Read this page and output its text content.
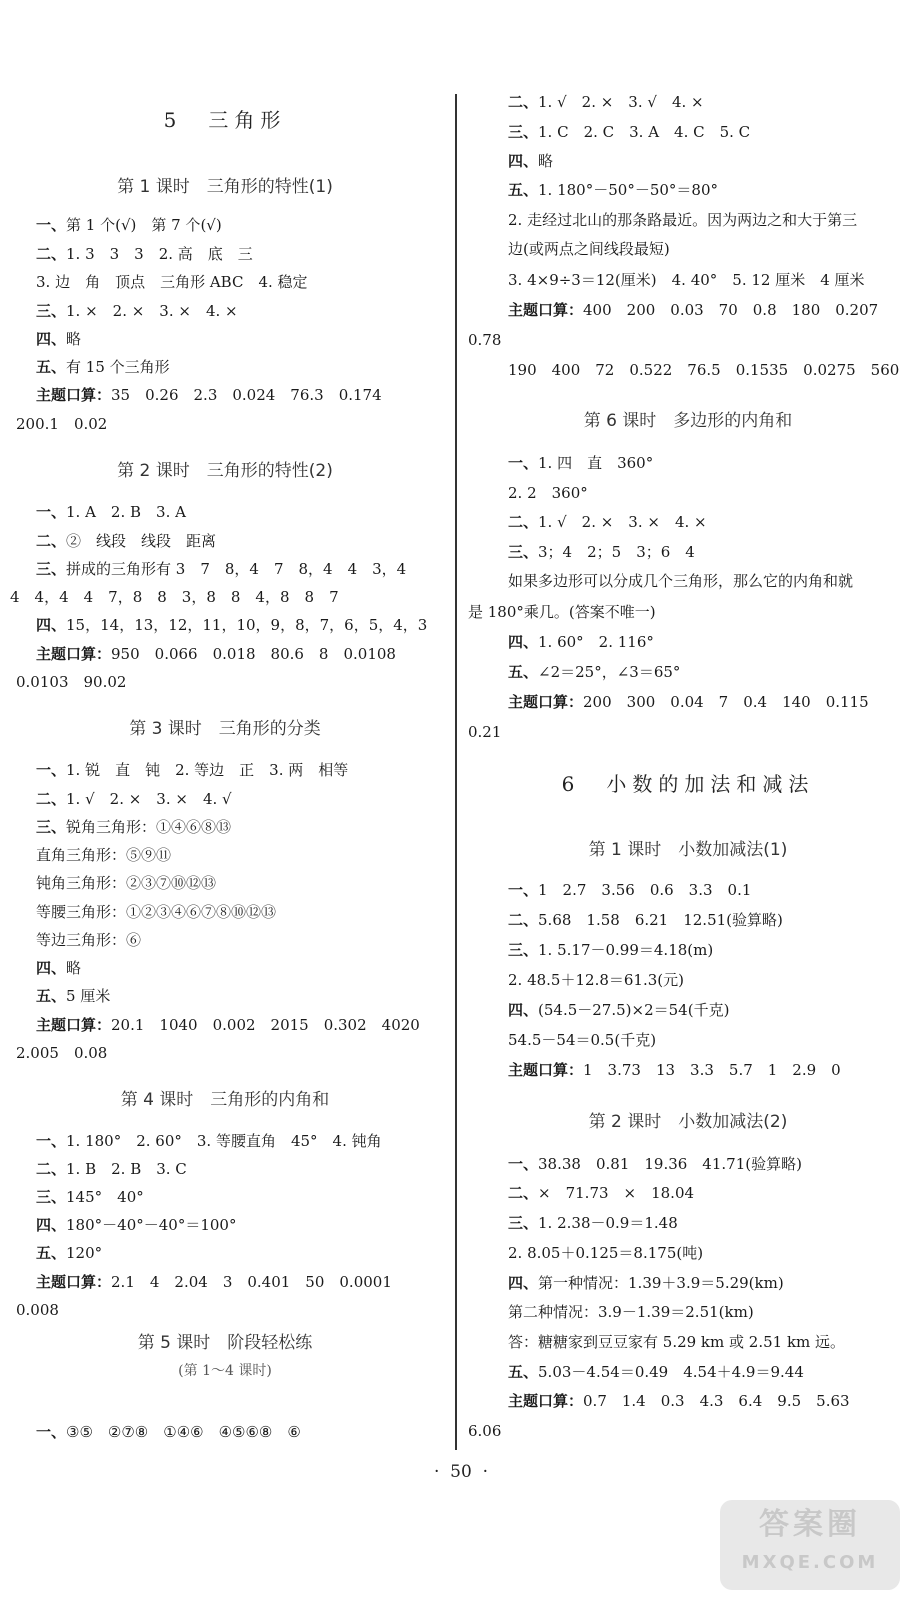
5　三角形
第 1 课时　三角形的特性(1)
一、第 1 个(√)　第 7 个(√)
二、1. 3　3　3　2. 高　底　三
3. 边　角　顶点　三角形 ABC　4. 稳定
三、1. ×　2. ×　3. ×　4. ×
四、略
五、有 15 个三角形
主题口算：35　0.26　2.3　0.024　76.3　0.174
200.1　0.02
第 2 课时　三角形的特性(2)
一、1. A　2. B　3. A
二、②　线段　线段　距离
三、拼成的三角形有 3　7　8，4　7　8，4　4　3，4
4　4，4　4　7，8　8　3，8　8　4，8　8　7
四、15，14，13，12，11，10，9，8，7，6，5，4，3
主题口算：950　0.066　0.018　80.6　8　0.0108
0.0103　90.02
第 3 课时　三角形的分类
一、1. 锐　直　钝　2. 等边　正　3. 两　相等
二、1. √　2. ×　3. ×　4. √
三、锐角三角形：①④⑥⑧⑬
直角三角形：⑤⑨⑪
钝角三角形：②③⑦⑩⑫⑬
等腰三角形：①②③④⑥⑦⑧⑩⑫⑬
等边三角形：⑥
四、略
五、5 厘米
主题口算：20.1　1040　0.002　2015　0.302　4020
2.005　0.08
第 4 课时　三角形的内角和
一、1. 180°　2. 60°　3. 等腰直角　45°　4. 钝角
二、1. B　2. B　3. C
三、145°　40°
四、180°－40°－40°＝100°
五、120°
主题口算：2.1　4　2.04　3　0.401　50　0.0001
0.008
第 5 课时　阶段轻松练
(第 1～4 课时)
一、③⑤　②⑦⑧　①④⑥　④⑤⑥⑧　⑥
二、1. √　2. ×　3. √　4. ×
三、1. C　2. C　3. A　4. C　5. C
四、略
五、1. 180°－50°－50°＝80°
2. 走经过北山的那条路最近。因为两边之和大于第三
边(或两点之间线段最短)
3. 4×9÷3＝12(厘米)　4. 40°　5. 12 厘米　4 厘米
主题口算：400　200　0.03　70　0.8　180　0.207
0.78
190　400　72　0.522　76.5　0.1535　0.0275　560
第 6 课时　多边形的内角和
一、1. 四　直　360°
2. 2　360°
二、1. √　2. ×　3. ×　4. ×
三、3；4　2；5　3；6　4
如果多边形可以分成几个三角形，那么它的内角和就
是 180°乘几。(答案不唯一)
四、1. 60°　2. 116°
五、∠2＝25°，∠3＝65°
主题口算：200　300　0.04　7　0.4　140　0.115
0.21
6　小数的加法和减法
第 1 课时　小数加减法(1)
一、1　2.7　3.56　0.6　3.3　0.1
二、5.68　1.58　6.21　12.51(验算略)
三、1. 5.17－0.99＝4.18(m)
2. 48.5＋12.8＝61.3(元)
四、(54.5－27.5)×2＝54(千克)
54.5－54＝0.5(千克)
主题口算：1　3.73　13　3.3　5.7　1　2.9　0
第 2 课时　小数加减法(2)
一、38.38　0.81　19.36　41.71(验算略)
二、×　71.73　×　18.04
三、1. 2.38－0.9＝1.48
2. 8.05＋0.125＝8.175(吨)
四、第一种情况：1.39＋3.9＝5.29(km)
第二种情况：3.9－1.39＝2.51(km)
答：糖糖家到豆豆家有 5.29 km 或 2.51 km 远。
五、5.03－4.54＝0.49　4.54＋4.9＝9.44
主题口算：0.7　1.4　0.3　4.3　6.4　9.5　5.63
6.06
·  50  ·
答案圈
MXQE.COM
